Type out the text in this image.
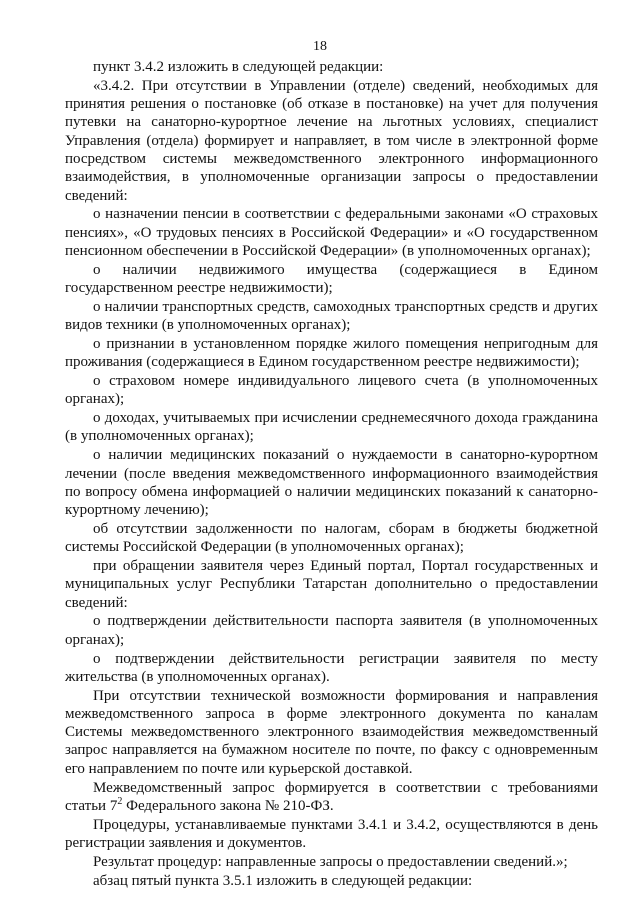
18

пункт 3.4.2 изложить в следующей редакции:

«3.4.2. При отсутствии в Управлении (отделе) сведений, необходимых для принятия решения о постановке (об отказе в постановке) на учет для получения путевки на санаторно-курортное лечение на льготных условиях, специалист Управления (отдела) формирует и направляет, в том числе в электронной форме посредством системы межведомственного электронного информационного взаимодействия, в уполномоченные организации запросы о предоставлении сведений:

о назначении пенсии в соответствии с федеральными законами «О страховых пенсиях», «О трудовых пенсиях в Российской Федерации» и «О государственном пенсионном обеспечении в Российской Федерации» (в уполномоченных органах);

о наличии недвижимого имущества (содержащиеся в Едином государственном реестре недвижимости);

о наличии транспортных средств, самоходных транспортных средств и других видов техники (в уполномоченных органах);

о признании в установленном порядке жилого помещения непригодным для проживания (содержащиеся в Едином государственном реестре недвижимости);

о страховом номере индивидуального лицевого счета (в уполномоченных органах);

о доходах, учитываемых при исчислении среднемесячного дохода гражданина (в уполномоченных органах);

о наличии медицинских показаний о нуждаемости в санаторно-курортном лечении (после введения межведомственного информационного взаимодействия по вопросу обмена информацией о наличии медицинских показаний к санаторно-курортному лечению);

об отсутствии задолженности по налогам, сборам в бюджеты бюджетной системы Российской Федерации (в уполномоченных органах);

при обращении заявителя через Единый портал, Портал государственных и муниципальных услуг Республики Татарстан дополнительно о предоставлении сведений:

о подтверждении действительности паспорта заявителя (в уполномоченных органах);

о подтверждении действительности регистрации заявителя по месту жительства (в уполномоченных органах).

При отсутствии технической возможности формирования и направления межведомственного запроса в форме электронного документа по каналам Системы межведомственного электронного взаимодействия межведомственный запрос направляется на бумажном носителе по почте, по факсу с одновременным его направлением по почте или курьерской доставкой.

Межведомственный запрос формируется в соответствии с требованиями статьи $7^2$ Федерального закона № 210-ФЗ.

Процедуры, устанавливаемые пунктами 3.4.1 и 3.4.2, осуществляются в день регистрации заявления и документов.

Результат процедур: направленные запросы о предоставлении сведений.»;

абзац пятый пункта 3.5.1 изложить в следующей редакции:
